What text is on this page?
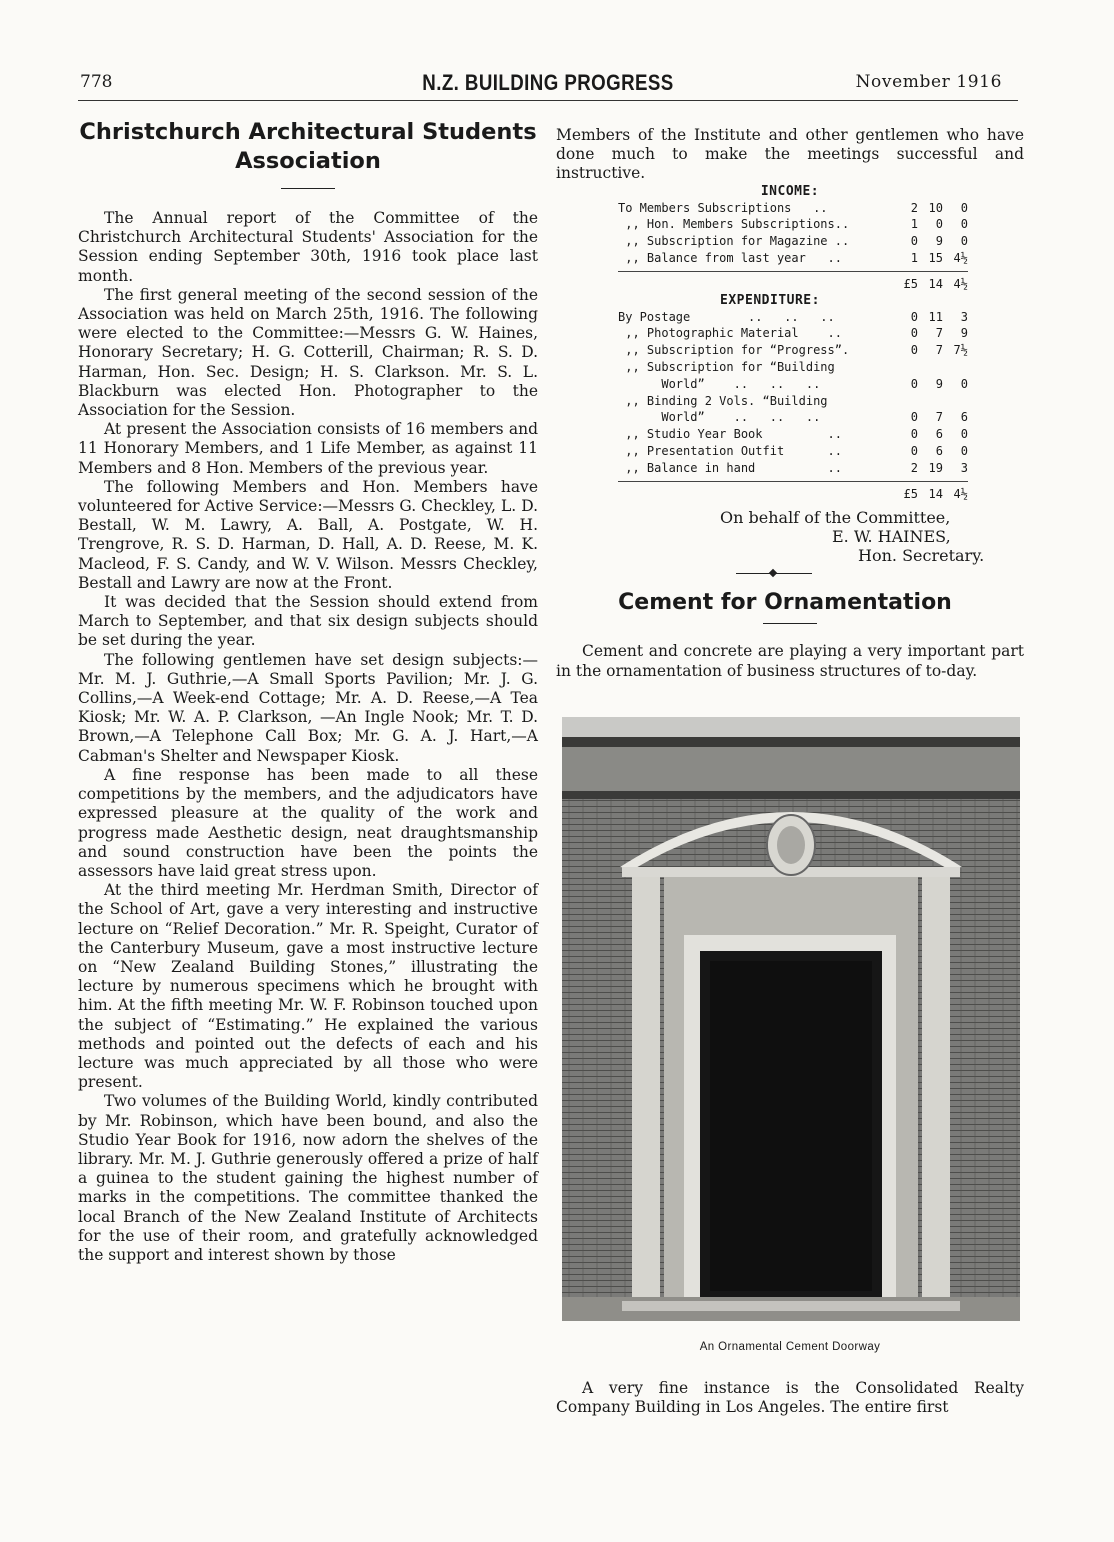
778	N.Z. BUILDING PROGRESS	November 1916
Christchurch Architectural Students Association

The Annual report of the Committee of the Christchurch Architectural Students' Association for the Session ending September 30th, 1916 took place last month.

The first general meeting of the second session of the Association was held on March 25th, 1916. The following were elected to the Committee:—Messrs G. W. Haines, Honorary Secretary; H. G. Cotterill, Chairman; R. S. D. Harman, Hon. Sec. Design; H. S. Clarkson. Mr. S. L. Blackburn was elected Hon. Photographer to the Association for the Session.

At present the Association consists of 16 members and 11 Honorary Members, and 1 Life Member, as against 11 Members and 8 Hon. Members of the previous year.

The following Members and Hon. Members have volunteered for Active Service:—Messrs G. Checkley, L. D. Bestall, W. M. Lawry, A. Ball, A. Postgate, W. H. Trengrove, R. S. D. Harman, D. Hall, A. D. Reese, M. K. Macleod, F. S. Candy, and W. V. Wilson. Messrs Checkley, Bestall and Lawry are now at the Front.

It was decided that the Session should extend from March to September, and that six design subjects should be set during the year.

The following gentlemen have set design subjects:—Mr. M. J. Guthrie,—A Small Sports Pavilion; Mr. J. G. Collins,—A Week-end Cottage; Mr. A. D. Reese,—A Tea Kiosk; Mr. W. A. P. Clarkson, —An Ingle Nook; Mr. T. D. Brown,—A Telephone Call Box; Mr. G. A. J. Hart,—A Cabman's Shelter and Newspaper Kiosk.

A fine response has been made to all these competitions by the members, and the adjudicators have expressed pleasure at the quality of the work and progress made Aesthetic design, neat draughtsmanship and sound construction have been the points the assessors have laid great stress upon.

At the third meeting Mr. Herdman Smith, Director of the School of Art, gave a very interesting and instructive lecture on “Relief Decoration.” Mr. R. Speight, Curator of the Canterbury Museum, gave a most instructive lecture on “New Zealand Building Stones,” illustrating the lecture by numerous specimens which he brought with him. At the fifth meeting Mr. W. F. Robinson touched upon the subject of “Estimating.” He explained the various methods and pointed out the defects of each and his lecture was much appreciated by all those who were present.

Two volumes of the Building World, kindly contributed by Mr. Robinson, which have been bound, and also the Studio Year Book for 1916, now adorn the shelves of the library. Mr. M. J. Guthrie generously offered a prize of half a guinea to the student gaining the highest number of marks in the competitions. The committee thanked the local Branch of the New Zealand Institute of Architects for the use of their room, and gratefully acknowledged the support and interest shown by those

Members of the Institute and other gentlemen who have done much to make the meetings successful and instructive.

INCOME:
To Members Subscriptions   ..	2 10	0
,, Hon. Members Subscriptions..	1	0	0
,, Subscription for Magazine ..	0	9	0
,, Balance from last year   ..	1 15 4½
£5 14 4½
EXPENDITURE:
By Postage        ..   ..   ..	0 11	3
,, Photographic Material    ..	0	7	9
,, Subscription for “Progress”.	0	7 7½
,, Subscription for “Building
World”    ..   ..   ..	0	9	0
,, Binding 2 Vols. “Building
World”    ..   ..   ..	0	7	6
,, Studio Year Book         ..	0	6	0
,, Presentation Outfit      ..	0	6	0
,, Balance in hand          ..	2 19	3
£5 14 4½
On behalf of the Committee,
E. W. HAINES,
Hon. Secretary.
Cement for Ornamentation

Cement and concrete are playing a very important part in the ornamentation of business structures of to-day.

An Ornamental Cement Doorway

A very fine instance is the Consolidated Realty Company Building in Los Angeles. The entire first
